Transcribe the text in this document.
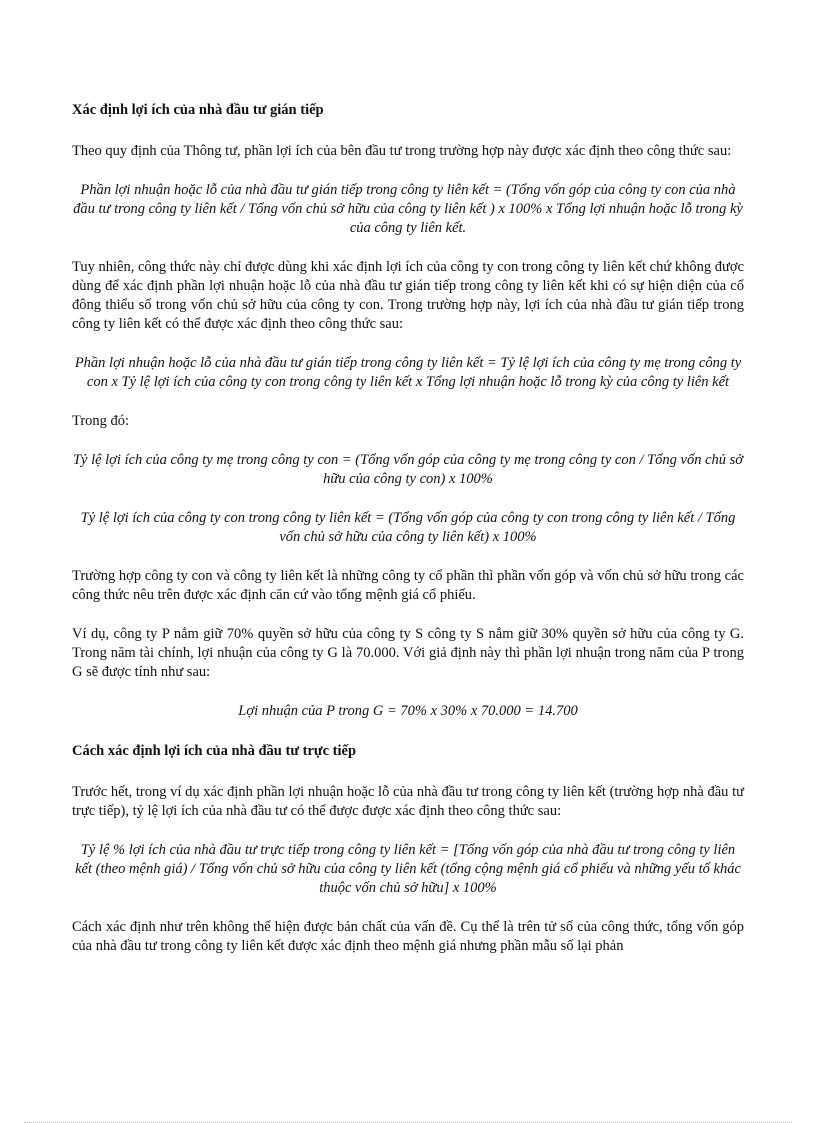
Xác định lợi ích của nhà đầu tư gián tiếp
Theo quy định của Thông tư, phần lợi ích của bên đầu tư trong trường hợp này được xác định theo công thức sau:
Phần lợi nhuận hoặc lỗ của nhà đầu tư gián tiếp trong công ty liên kết = (Tổng vốn góp của công ty con của nhà đầu tư trong công ty liên kết / Tổng vốn chủ sở hữu của công ty liên kết ) x 100% x Tổng lợi nhuận hoặc lỗ trong kỳ của công ty liên kết.
Tuy nhiên, công thức này chỉ được dùng khi xác định lợi ích của công ty con trong công ty liên kết chứ không được dùng để xác định phần lợi nhuận hoặc lỗ của nhà đầu tư gián tiếp trong công ty liên kết khi có sự hiện diện của cổ đông thiểu số trong vốn chủ sở hữu của công ty con. Trong trường hợp này, lợi ích của nhà đầu tư gián tiếp trong công ty liên kết có thể được xác định theo công thức sau:
Phần lợi nhuận hoặc lỗ của nhà đầu tư gián tiếp trong công ty liên kết = Tỷ lệ lợi ích của công ty mẹ trong công ty con x Tỷ lệ lợi ích của công ty con trong công ty liên kết x Tổng lợi nhuận hoặc lỗ trong kỳ của công ty liên kết
Trong đó:
Tỷ lệ lợi ích của công ty mẹ trong công ty con = (Tổng vốn góp của công ty mẹ trong công ty con / Tổng vốn chủ sở hữu của công ty con) x 100%
Tỷ lệ lợi ích của công ty con trong công ty liên kết = (Tổng vốn góp của công ty con trong công ty liên kết / Tổng vốn chủ sở hữu của công ty liên kết) x 100%
Trường hợp công ty con và công ty liên kết là những công ty cổ phần thì phần vốn góp và vốn chủ sở hữu trong các công thức nêu trên được xác định căn cứ vào tổng mệnh giá cổ phiếu.
Ví dụ, công ty P nắm giữ 70% quyền sở hữu của công ty S công ty S nắm giữ 30% quyền sở hữu của công ty G. Trong năm tài chính, lợi nhuận của công ty G là 70.000. Với giả định này thì phần lợi nhuận trong năm của P trong G sẽ được tính như sau:
Lợi nhuận của P trong G = 70% x 30% x 70.000 = 14.700
Cách xác định lợi ích của nhà đầu tư trực tiếp
Trước hết, trong ví dụ xác định phần lợi nhuận hoặc lỗ của nhà đầu tư trong công ty liên kết (trường hợp nhà đầu tư trực tiếp), tỷ lệ lợi ích của nhà đầu tư có thể được được xác định theo công thức sau:
Tỷ lệ % lợi ích của nhà đầu tư trực tiếp trong công ty liên kết = [Tổng vốn góp của nhà đầu tư trong công ty liên kết (theo mệnh giá) / Tổng vốn chủ sở hữu của công ty liên kết (tổng cộng mệnh giá cổ phiếu và những yếu tố khác thuộc vốn chủ sở hữu] x 100%
Cách xác định như trên không thể hiện được bản chất của vấn đề. Cụ thể là trên tử số của công thức, tổng vốn góp của nhà đầu tư trong công ty liên kết được xác định theo mệnh giá nhưng phần mẫu số lại phản
